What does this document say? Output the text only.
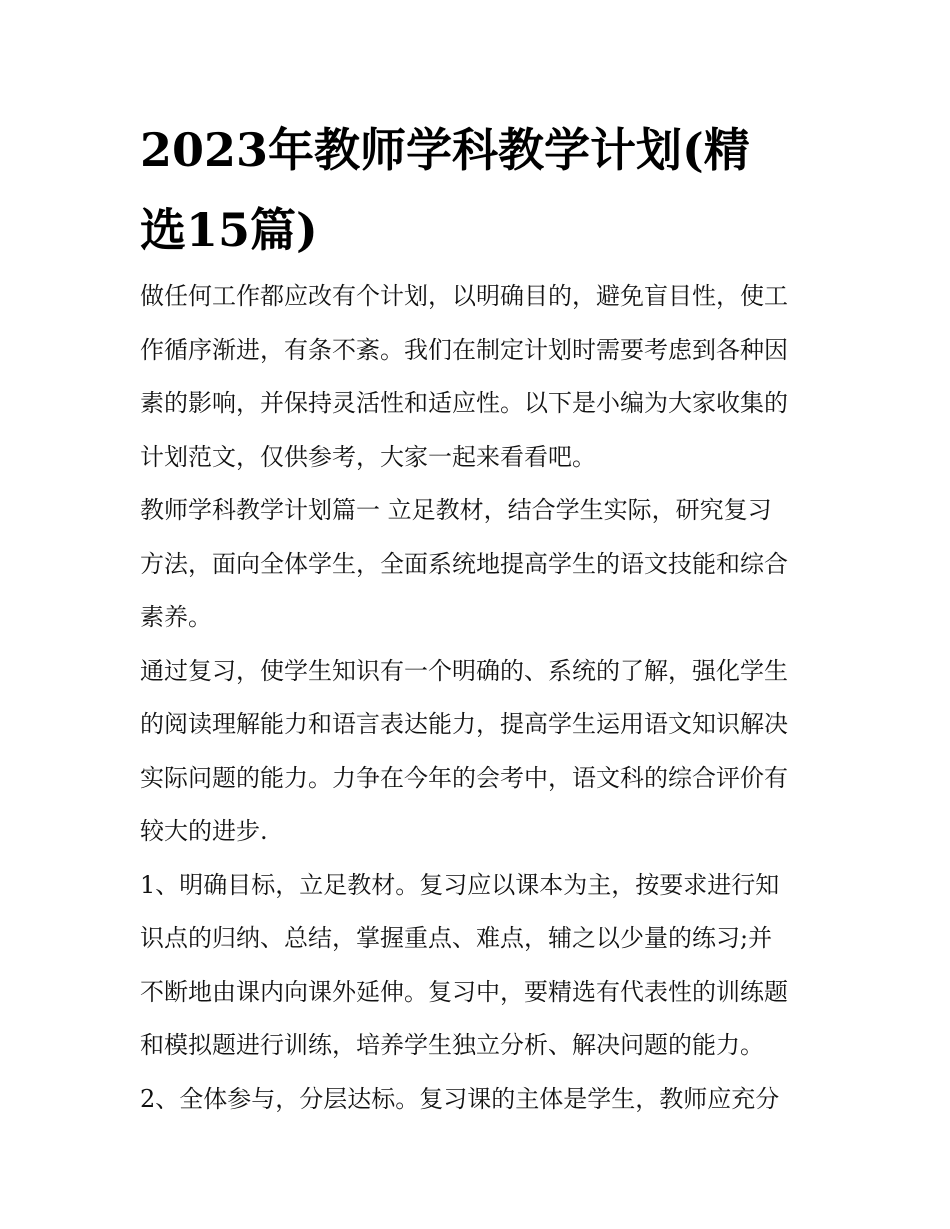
2023年教师学科教学计划(精
选15篇)

做任何工作都应改有个计划，以明确目的，避免盲目性，使工
作循序渐进，有条不紊。我们在制定计划时需要考虑到各种因
素的影响，并保持灵活性和适应性。以下是小编为大家收集的
计划范文，仅供参考，大家一起来看看吧。

教师学科教学计划篇一 立足教材，结合学生实际，研究复习
方法，面向全体学生，全面系统地提高学生的语文技能和综合
素养。

通过复习，使学生知识有一个明确的、系统的了解，强化学生
的阅读理解能力和语言表达能力，提高学生运用语文知识解决
实际问题的能力。力争在今年的会考中，语文科的综合评价有
较大的进步.

1、明确目标，立足教材。复习应以课本为主，按要求进行知
识点的归纳、总结，掌握重点、难点，辅之以少量的练习;并
不断地由课内向课外延伸。复习中，要精选有代表性的训练题
和模拟题进行训练，培养学生独立分析、解决问题的能力。

2、全体参与，分层达标。复习课的主体是学生，教师应充分
